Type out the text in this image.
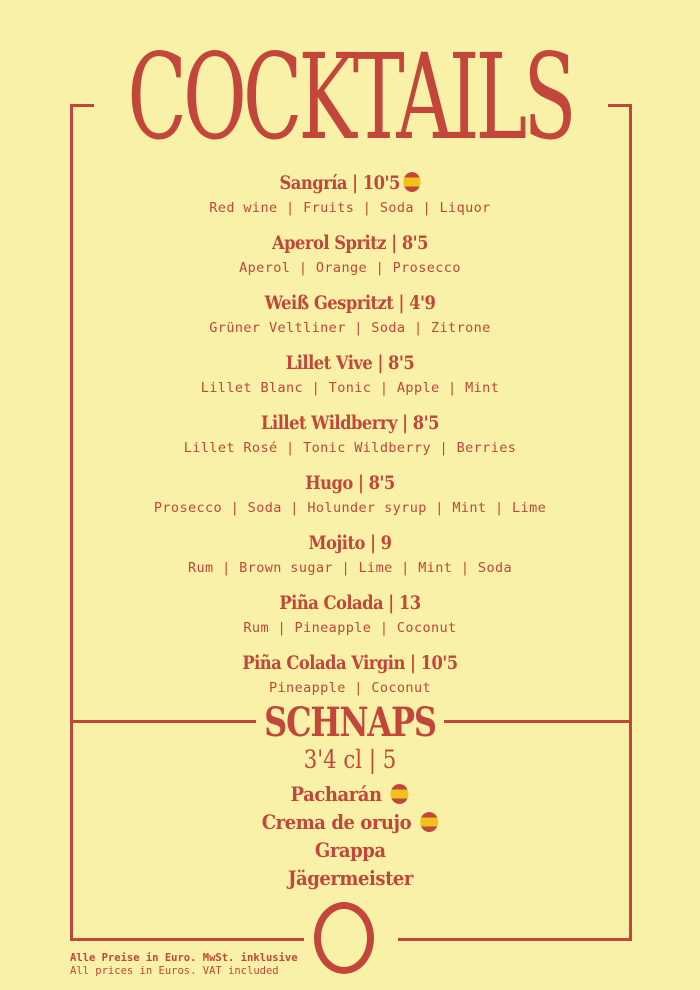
COCKTAILS
Sangría | 10'5
Red wine | Fruits | Soda | Liquor
Aperol Spritz | 8'5
Aperol | Orange | Prosecco
Weiß Gespritzt | 4'9
Grüner Veltliner | Soda | Zitrone
Lillet Vive | 8'5
Lillet Blanc | Tonic | Apple | Mint
Lillet Wildberry | 8'5
Lillet Rosé | Tonic Wildberry | Berries
Hugo | 8'5
Prosecco | Soda | Holunder syrup | Mint | Lime
Mojito | 9
Rum | Brown sugar | Lime | Mint | Soda
Piña Colada | 13
Rum | Pineapple | Coconut
Piña Colada Virgin | 10'5
Pineapple | Coconut
SCHNAPS
3'4 cl | 5
Pacharán
Crema de orujo
Grappa
Jägermeister
Alle Preise in Euro. MwSt. inklusive
All prices in Euros. VAT included
